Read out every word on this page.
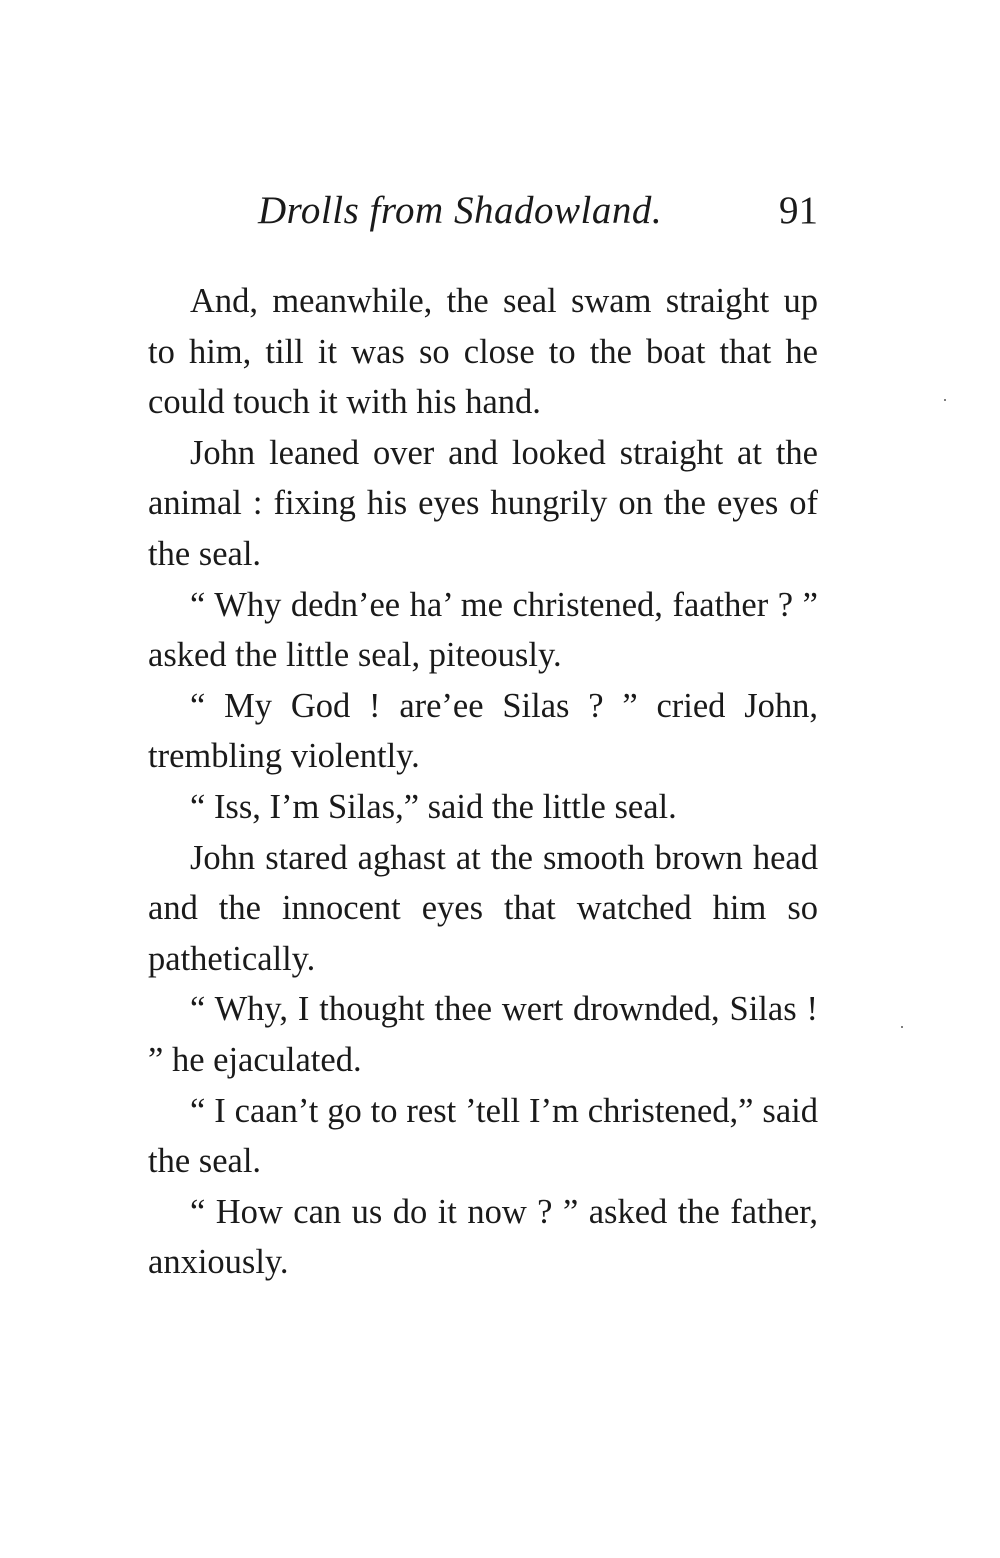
Drolls from Shadowland.	91

And, meanwhile, the seal swam straight up to him, till it was so close to the boat that he could touch it with his hand.

John leaned over and looked straight at the animal : fixing his eyes hungrily on the eyes of the seal.

“ Why dedn’ee ha’ me christened, faather ? ” asked the little seal, piteously.

“ My God ! are’ee Silas ? ” cried John, trembling violently.

“ Iss, I’m Silas,” said the little seal.

John stared aghast at the smooth brown head and the innocent eyes that watched him so pathetically.

“ Why, I thought thee wert drownded, Silas ! ” he ejaculated.

“ I caan’t go to rest ’tell I’m christened,” said the seal.

“ How can us do it now ? ” asked the father, anxiously.
